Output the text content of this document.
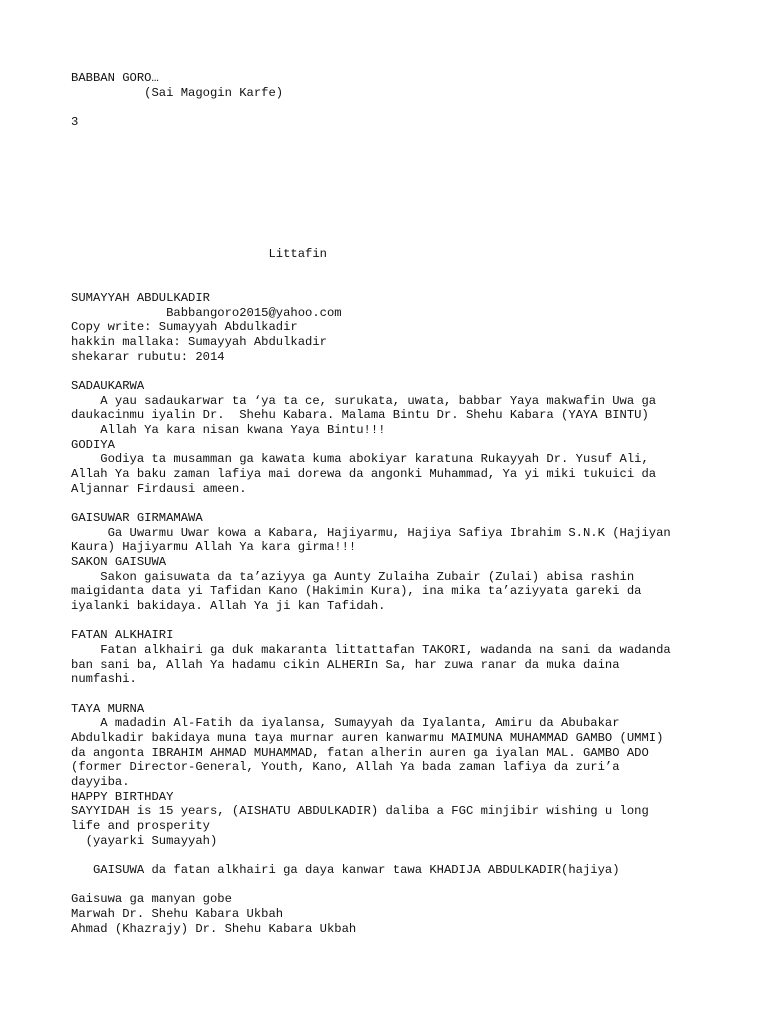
BABBAN GORO…
(Sai Magogin Karfe)
3
Littafin
SUMAYYAH ABDULKADIR
Babbangoro2015@yahoo.com
Copy write: Sumayyah Abdulkadir
hakkin mallaka: Sumayyah Abdulkadir
shekarar rubutu: 2014
SADAUKARWA
A yau sadaukarwar ta ‘ya ta ce, surukata, uwata, babbar Yaya makwafin Uwa ga
daukacinmu iyalin Dr.  Shehu Kabara. Malama Bintu Dr. Shehu Kabara (YAYA BINTU)
Allah Ya kara nisan kwana Yaya Bintu!!!
GODIYA
Godiya ta musamman ga kawata kuma abokiyar karatuna Rukayyah Dr. Yusuf Ali,
Allah Ya baku zaman lafiya mai dorewa da angonki Muhammad, Ya yi miki tukuici da
Aljannar Firdausi ameen.
GAISUWAR GIRMAMAWA
Ga Uwarmu Uwar kowa a Kabara, Hajiyarmu, Hajiya Safiya Ibrahim S.N.K (Hajiyan
Kaura) Hajiyarmu Allah Ya kara girma!!!
SAKON GAISUWA
Sakon gaisuwata da ta’aziyya ga Aunty Zulaiha Zubair (Zulai) abisa rashin
maigidanta data yi Tafidan Kano (Hakimin Kura), ina mika ta’aziyyata gareki da
iyalanki bakidaya. Allah Ya ji kan Tafidah.
FATAN ALKHAIRI
Fatan alkhairi ga duk makaranta littattafan TAKORI, wadanda na sani da wadanda
ban sani ba, Allah Ya hadamu cikin ALHERIn Sa, har zuwa ranar da muka daina
numfashi.
TAYA MURNA
A madadin Al-Fatih da iyalansa, Sumayyah da Iyalanta, Amiru da Abubakar
Abdulkadir bakidaya muna taya murnar auren kanwarmu MAIMUNA MUHAMMAD GAMBO (UMMI)
da angonta IBRAHIM AHMAD MUHAMMAD, fatan alherin auren ga iyalan MAL. GAMBO ADO
(former Director-General, Youth, Kano, Allah Ya bada zaman lafiya da zuri’a
dayyiba.
HAPPY BIRTHDAY
SAYYIDAH is 15 years, (AISHATU ABDULKADIR) daliba a FGC minjibir wishing u long
life and prosperity
(yayarki Sumayyah)
GAISUWA da fatan alkhairi ga daya kanwar tawa KHADIJA ABDULKADIR(hajiya)
Gaisuwa ga manyan gobe
Marwah Dr. Shehu Kabara Ukbah
Ahmad (Khazrajy) Dr. Shehu Kabara Ukbah
